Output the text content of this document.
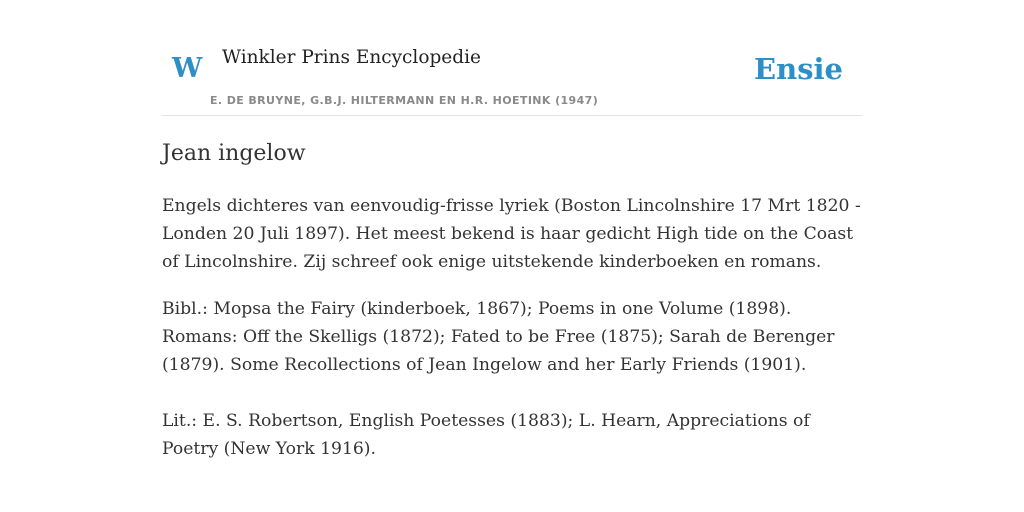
W Winkler Prins Encyclopedie
E. DE BRUYNE, G.B.J. HILTERMANN EN H.R. HOETINK (1947)
Ensie
Jean ingelow

Engels dichteres van eenvoudig-frisse lyriek (Boston Lincolnshire 17 Mrt 1820 - Londen 20 Juli 1897). Het meest bekend is haar gedicht High tide on the Coast of Lincolnshire. Zij schreef ook enige uitstekende kinderboeken en romans.

Bibl.: Mopsa the Fairy (kinderboek, 1867); Poems in one Volume (1898). Romans: Off the Skelligs (1872); Fated to be Free (1875); Sarah de Berenger (1879). Some Recollections of Jean Ingelow and her Early Friends (1901).

Lit.: E. S. Robertson, English Poetesses (1883); L. Hearn, Appreciations of Poetry (New York 1916).
